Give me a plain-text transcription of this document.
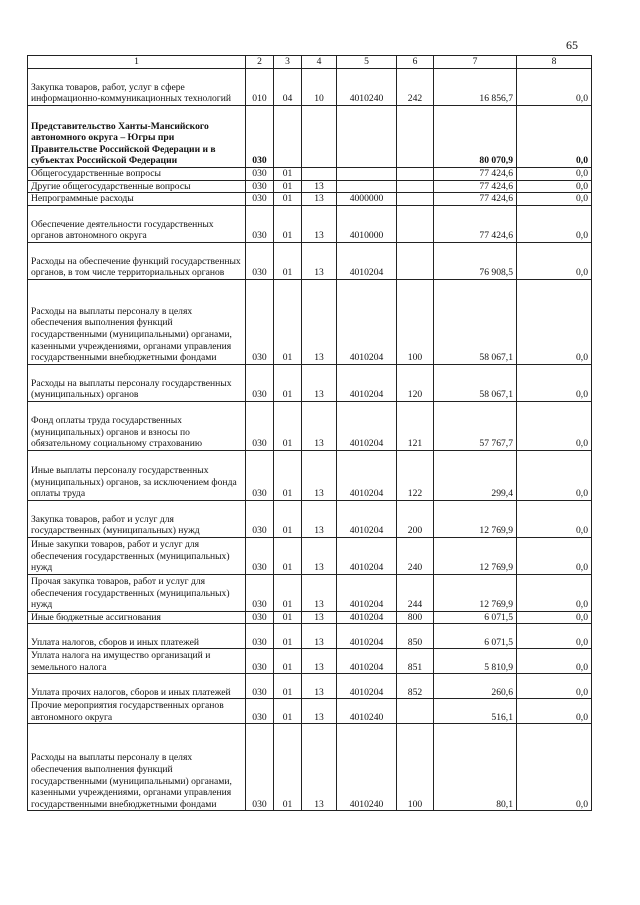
65
1	2	3	4	5	6	7	8
Закупка товаров, работ, услуг в сфере информационно-коммуникационных технологий	010	04	10	4010240	242	16 856,7	0,0
Представительство Ханты-Мансийского автономного округа – Югры при Правительстве Российской Федерации и в субъектах Российской Федерации	030					80 070,9	0,0
Общегосударственные вопросы	030	01				77 424,6	0,0
Другие общегосударственные вопросы	030	01	13			77 424,6	0,0
Непрограммные расходы	030	01	13	4000000		77 424,6	0,0
Обеспечение деятельности государственных органов автономного округа	030	01	13	4010000		77 424,6	0,0
Расходы на обеспечение функций государственных органов, в том числе территориальных органов	030	01	13	4010204		76 908,5	0,0
Расходы на выплаты персоналу в целях обеспечения выполнения функций государственными (муниципальными) органами, казенными учреждениями, органами управления государственными внебюджетными фондами	030	01	13	4010204	100	58 067,1	0,0
Расходы на выплаты персоналу государственных (муниципальных) органов	030	01	13	4010204	120	58 067,1	0,0
Фонд оплаты труда государственных (муниципальных) органов и взносы по обязательному социальному страхованию	030	01	13	4010204	121	57 767,7	0,0
Иные выплаты персоналу государственных (муниципальных) органов, за исключением фонда оплаты труда	030	01	13	4010204	122	299,4	0,0
Закупка товаров, работ и услуг для государственных (муниципальных) нужд	030	01	13	4010204	200	12 769,9	0,0
Иные закупки товаров, работ и услуг для обеспечения государственных (муниципальных) нужд	030	01	13	4010204	240	12 769,9	0,0
Прочая закупка товаров, работ и услуг для обеспечения государственных (муниципальных) нужд	030	01	13	4010204	244	12 769,9	0,0
Иные бюджетные ассигнования	030	01	13	4010204	800	6 071,5	0,0
Уплата налогов, сборов и иных платежей	030	01	13	4010204	850	6 071,5	0,0
Уплата налога на имущество организаций и земельного налога	030	01	13	4010204	851	5 810,9	0,0
Уплата прочих налогов, сборов и иных платежей	030	01	13	4010204	852	260,6	0,0
Прочие мероприятия государственных органов автономного округа	030	01	13	4010240		516,1	0,0
Расходы на выплаты персоналу в целях обеспечения выполнения функций государственными (муниципальными) органами, казенными учреждениями, органами управления государственными внебюджетными фондами	030	01	13	4010240	100	80,1	0,0
